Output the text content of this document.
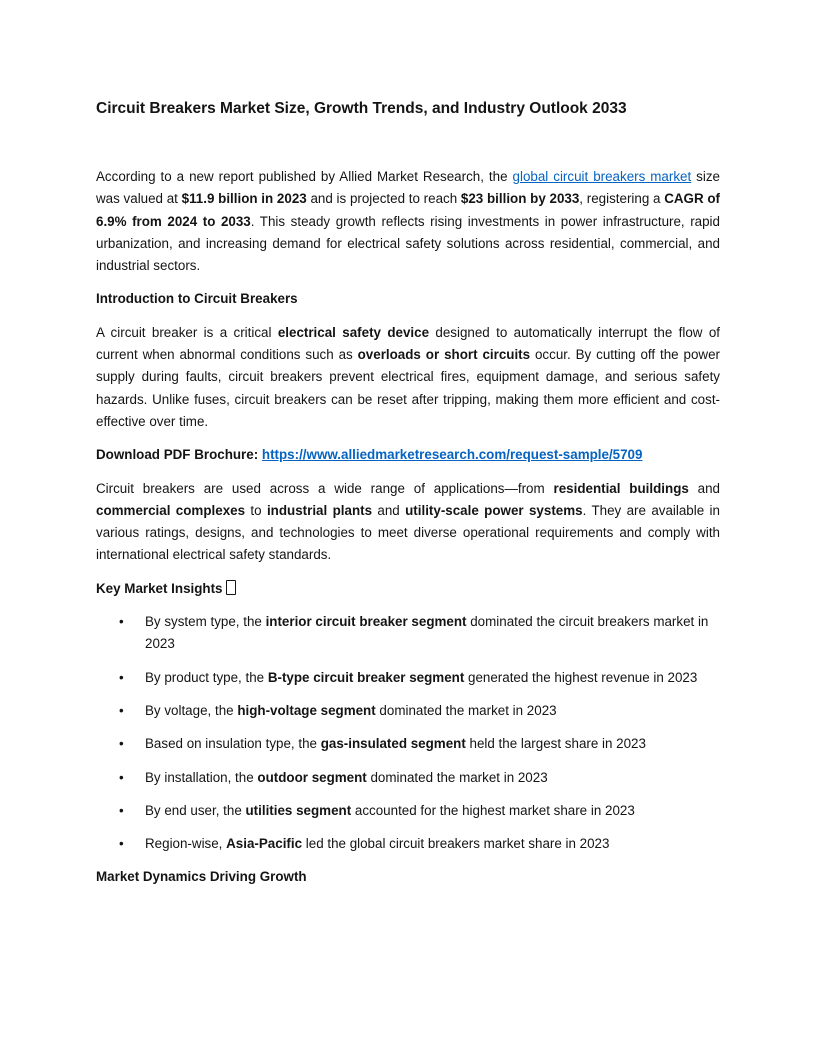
Circuit Breakers Market Size, Growth Trends, and Industry Outlook 2033

According to a new report published by Allied Market Research, the global circuit breakers market size was valued at $11.9 billion in 2023 and is projected to reach $23 billion by 2033, registering a CAGR of 6.9% from 2024 to 2033. This steady growth reflects rising investments in power infrastructure, rapid urbanization, and increasing demand for electrical safety solutions across residential, commercial, and industrial sectors.

Introduction to Circuit Breakers

A circuit breaker is a critical electrical safety device designed to automatically interrupt the flow of current when abnormal conditions such as overloads or short circuits occur. By cutting off the power supply during faults, circuit breakers prevent electrical fires, equipment damage, and serious safety hazards. Unlike fuses, circuit breakers can be reset after tripping, making them more efficient and cost-effective over time.

Download PDF Brochure: https://www.alliedmarketresearch.com/request-sample/5709

Circuit breakers are used across a wide range of applications—from residential buildings and commercial complexes to industrial plants and utility-scale power systems. They are available in various ratings, designs, and technologies to meet diverse operational requirements and comply with international electrical safety standards.

Key Market Insights

• By system type, the interior circuit breaker segment dominated the circuit breakers market in 2023

• By product type, the B-type circuit breaker segment generated the highest revenue in 2023

• By voltage, the high-voltage segment dominated the market in 2023

• Based on insulation type, the gas-insulated segment held the largest share in 2023

• By installation, the outdoor segment dominated the market in 2023

• By end user, the utilities segment accounted for the highest market share in 2023

• Region-wise, Asia-Pacific led the global circuit breakers market share in 2023

Market Dynamics Driving Growth
